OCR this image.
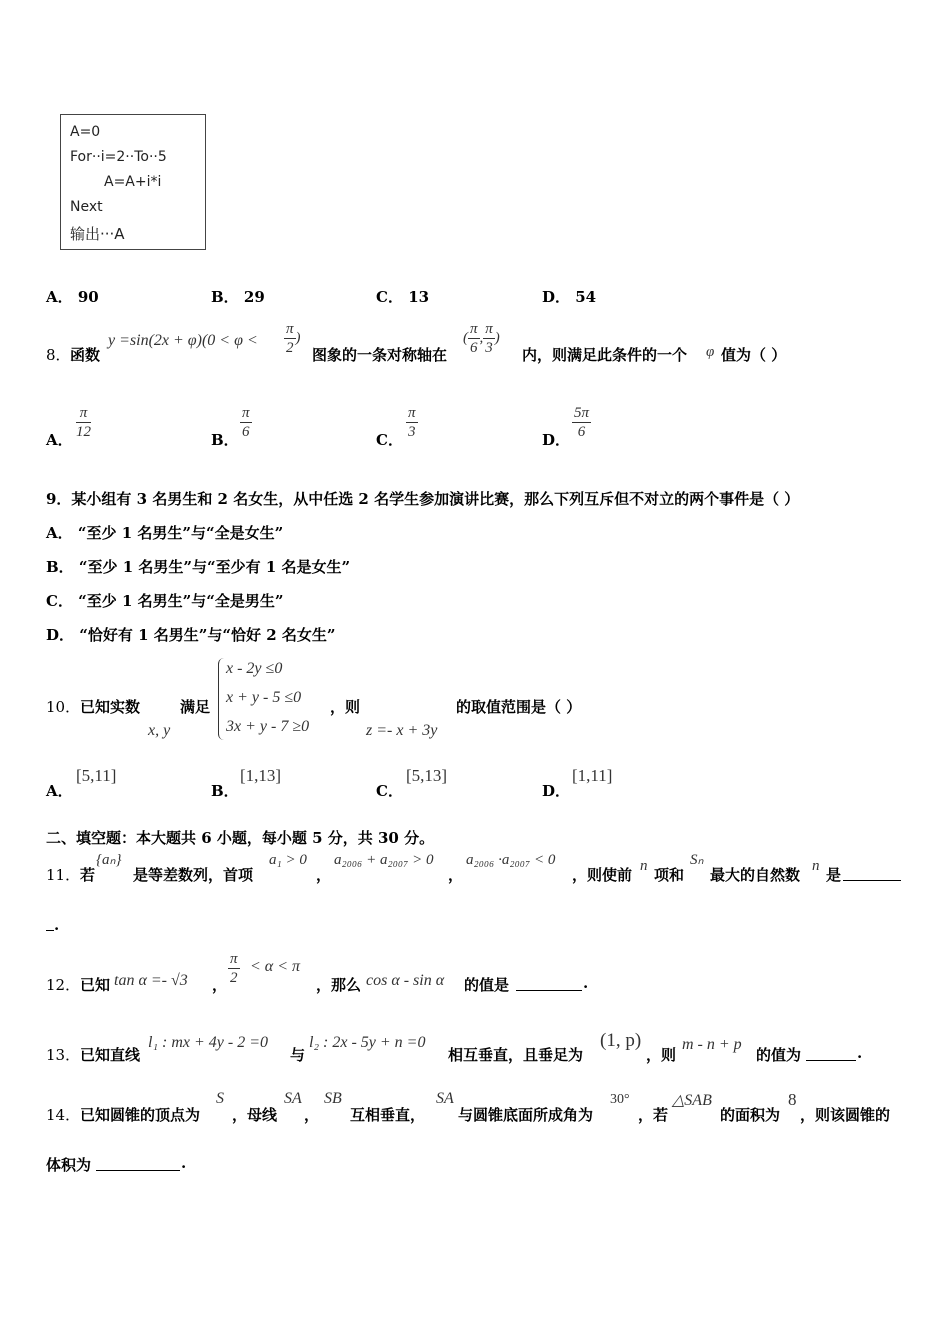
A=0
For··i=2··To··5
A=A+i*i
Next
输出···A
A． 90	B． 29	C． 13	D． 54
8． 函数
$y =\sin(2x + \varphi)(0 < \varphi < \frac{\pi}{2}$ )
图象的一条对称轴在
( $\frac{\pi}{6}$ , $\frac{\pi}{3}$ )
内，则满足此条件的一个 φ 值为（ ）
A． $\frac{\pi}{12}$	B． $\frac{\pi}{6}$	C． $\frac{\pi}{3}$	D． $\frac{5\pi}{6}$
9．某小组有 3 名男生和 2 名女生，从中任选 2 名学生参加演讲比赛，那么下列互斥但不对立的两个事件是（ ）
A． “至少 1 名男生”与“全是女生”
B． “至少 1 名男生”与“至少有 1 名是女生”
C． “至少 1 名男生”与“全是男生”
D． “恰好有 1 名男生”与“恰好 2 名女生”
10． 已知实数
x, y
满足
x - 2y ≤0
x + y - 5 ≤0
3x + y - 7 ≥0
，则
z =- x + 3y
的取值范围是（ ）
A．
[5,11]
B．
[1,13]
C．
[5,13]
D．
[1,11]
二、填空题：本大题共 6 小题，每小题 5 分，共 30 分。
11． 若
{aₙ}
是等差数列，首项
a₁ > 0
，
a₂₀₀₆ + a₂₀₀₇ > 0
，
a₂₀₀₆ ·a₂₀₀₇ < 0
，则使前 n 项和
Sₙ
最大的自然数 n 是
.
12． 已知 tan α =- √3 ， $\frac{\pi}{2} < \alpha < \pi$
，那么 cos α - sin α 的值是	.
13． 已知直线
l₁ : mx + 4y - 2 =0
与
l₂ : 2x - 5y + n =0
相互垂直，且垂足为
(1, p)
，则
m - n + p
的值为	.
14． 已知圆锥的顶点为
S
，母线
SA
，
SB
互相垂直，
SA
与圆锥底面所成角为
30°
，若
△SAB
的面积为
8
，则该圆锥的
体积为	.
